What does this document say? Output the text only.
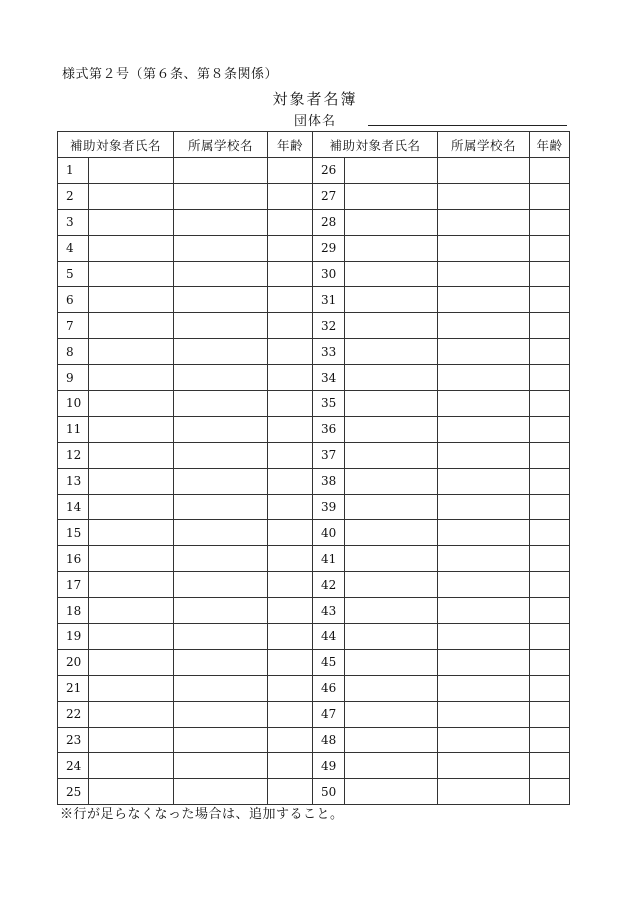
様式第２号（第６条、第８条関係）
対象者名簿
団体名
補助対象者氏名		所属学校名	年齢	補助対象者氏名		所属学校名	年齢
1				26			
2				27			
3				28			
4				29			
5				30			
6				31			
7				32			
8				33			
9				34			
10				35			
11				36			
12				37			
13				38			
14				39			
15				40			
16				41			
17				42			
18				43			
19				44			
20				45			
21				46			
22				47			
23				48			
24				49			
25				50			
※行が足らなくなった場合は、追加すること。
